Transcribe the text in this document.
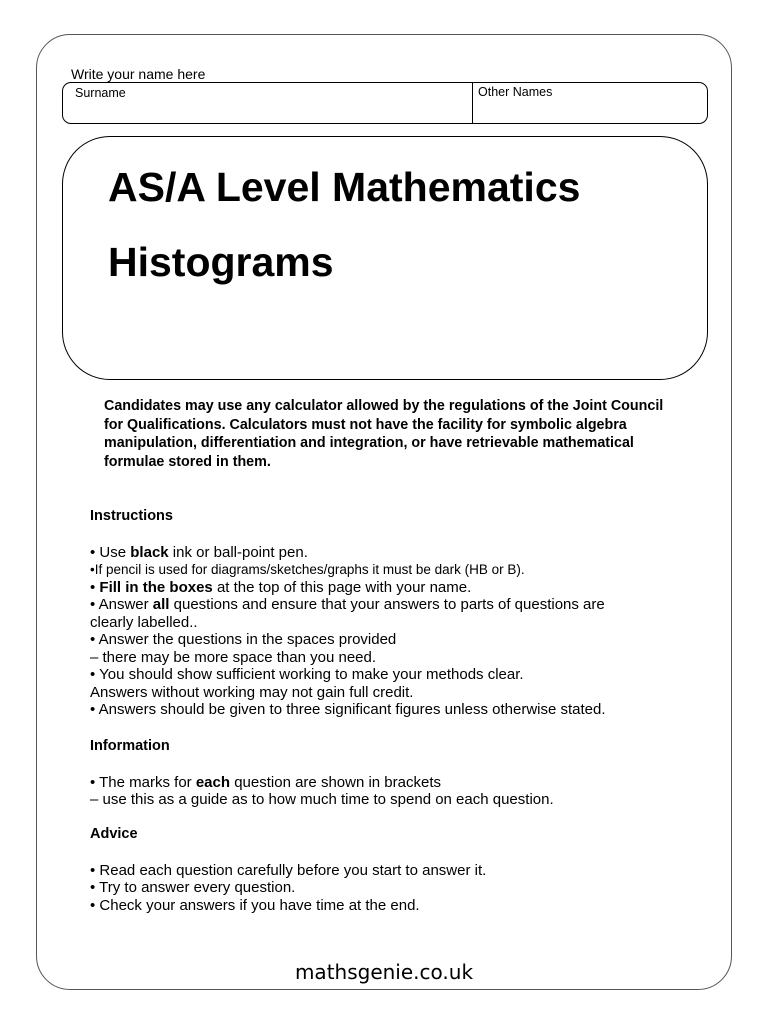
Write your name here
Surname	Other Names
AS/A Level Mathematics
Histograms
Candidates may use any calculator allowed by the regulations of the Joint Council for Qualifications. Calculators must not have the facility for symbolic algebra manipulation, differentiation and integration, or have retrievable mathematical formulae stored in them.
Instructions
• Use black ink or ball-point pen.
•If pencil is used for diagrams/sketches/graphs it must be dark (HB or B).
• Fill in the boxes at the top of this page with your name.
• Answer all questions and ensure that your answers to parts of questions are
clearly labelled..
• Answer the questions in the spaces provided
– there may be more space than you need.
• You should show sufficient working to make your methods clear.
Answers without working may not gain full credit.
• Answers should be given to three significant figures unless otherwise stated.
Information
• The marks for each question are shown in brackets
– use this as a guide as to how much time to spend on each question.
Advice
• Read each question carefully before you start to answer it.
• Try to answer every question.
• Check your answers if you have time at the end.
mathsgenie.co.uk
